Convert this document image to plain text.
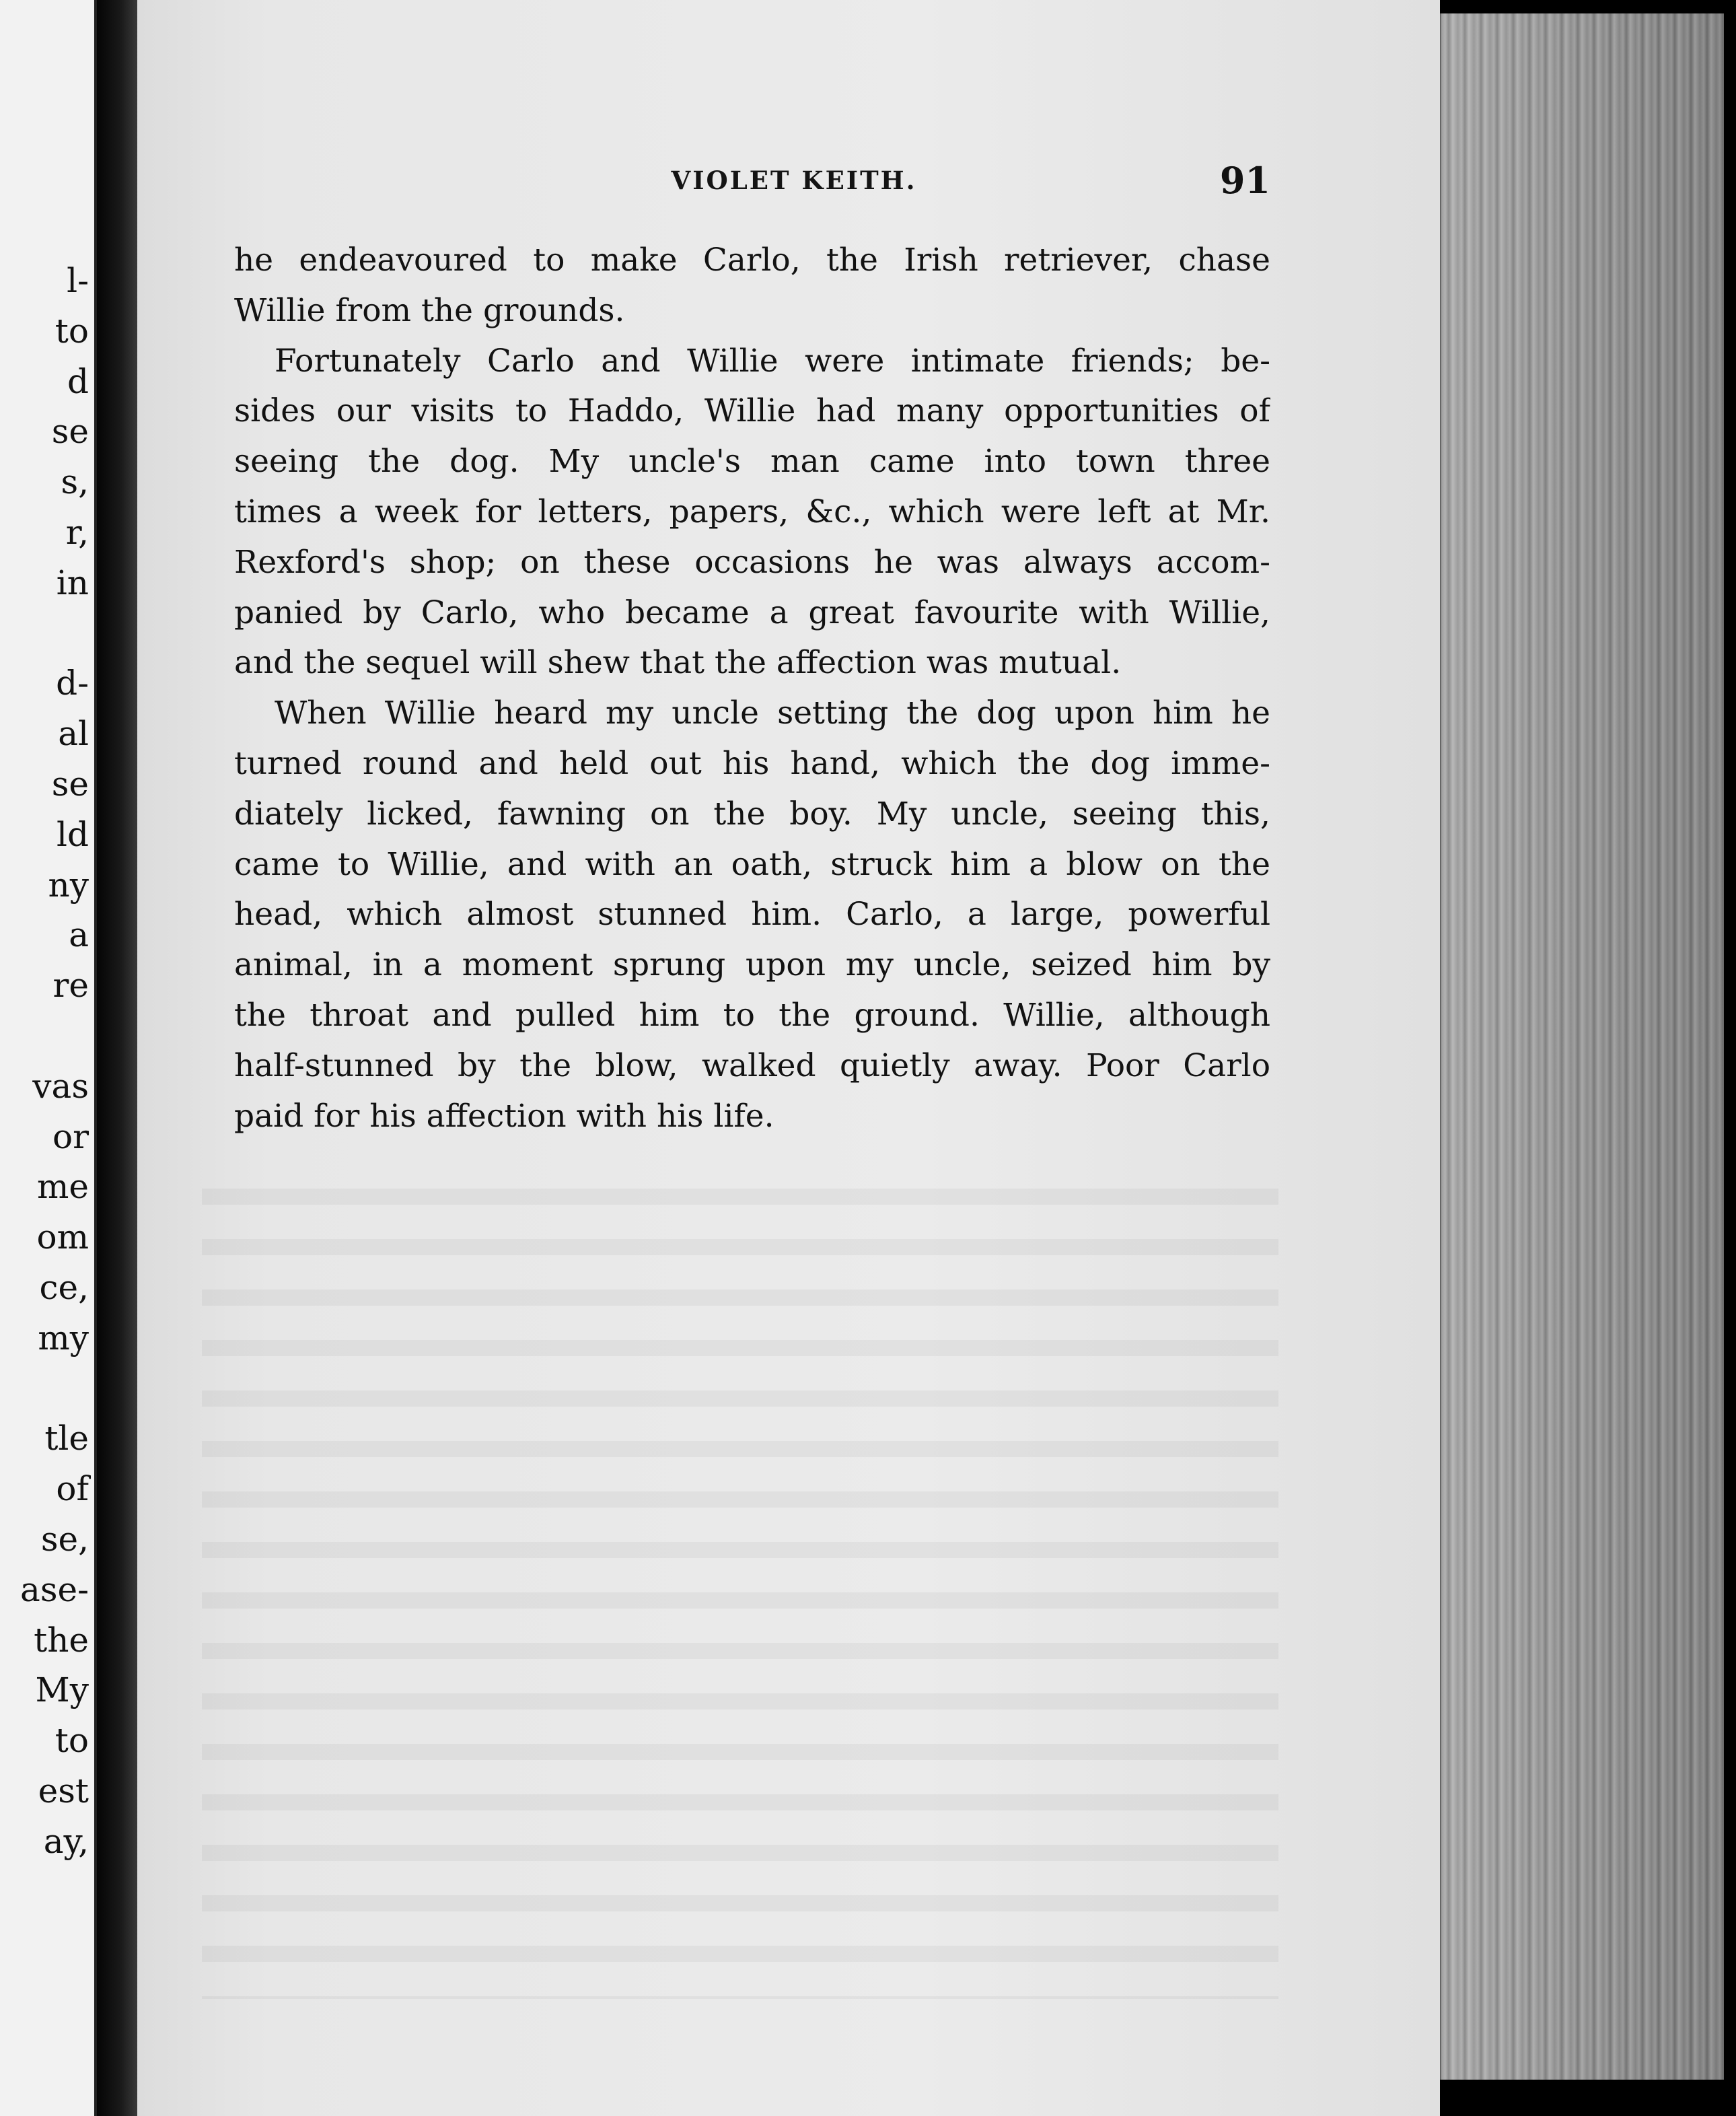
l-
to
d
se
s,
r,
in
d-
al
se
ld
ny
a
re
vas
or
me
om
ce,
my
tle
of
se,
ase-
the
My
to
est
ay,
VIOLET KEITH.	91
he endeavoured to make Carlo, the Irish retriever, chase
Willie from the grounds.
Fortunately Carlo and Willie were intimate friends; be-
sides our visits to Haddo, Willie had many opportunities of
seeing the dog. My uncle's man came into town three
times a week for letters, papers, &c., which were left at Mr.
Rexford's shop; on these occasions he was always accom-
panied by Carlo, who became a great favourite with Willie,
and the sequel will shew that the affection was mutual.
When Willie heard my uncle setting the dog upon him he
turned round and held out his hand, which the dog imme-
diately licked, fawning on the boy. My uncle, seeing this,
came to Willie, and with an oath, struck him a blow on the
head, which almost stunned him. Carlo, a large, powerful
animal, in a moment sprung upon my uncle, seized him by
the throat and pulled him to the ground. Willie, although
half-stunned by the blow, walked quietly away. Poor Carlo
paid for his affection with his life.
